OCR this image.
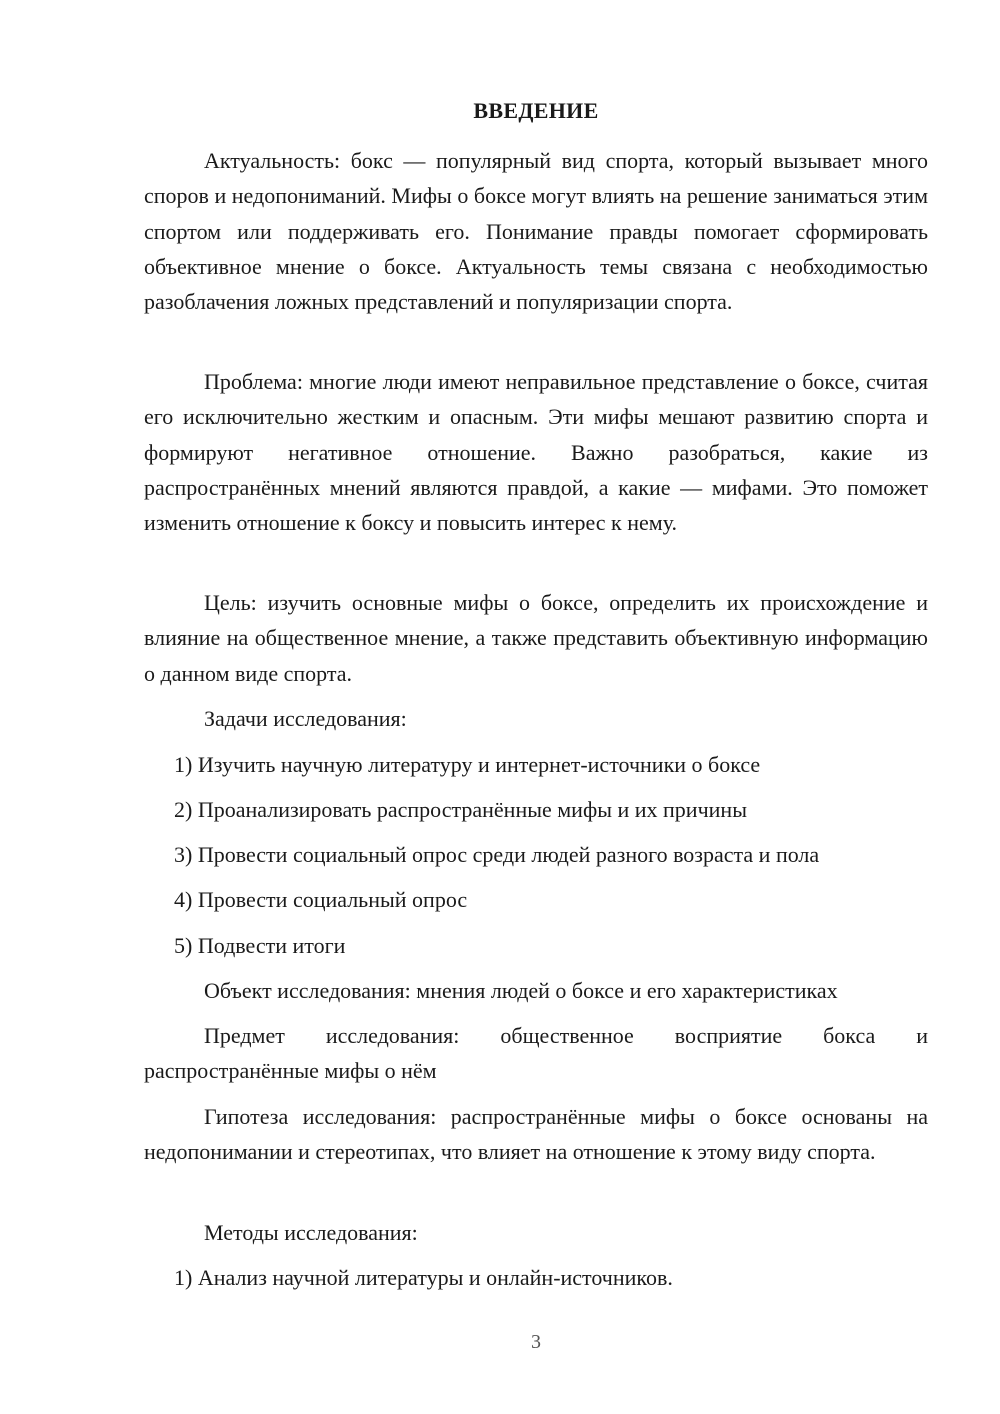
ВВЕДЕНИЕ

Актуальность: бокс — популярный вид спорта, который вызывает много споров и недопониманий. Мифы о боксе могут влиять на решение заниматься этим спортом или поддерживать его. Понимание правды помогает сформировать объективное мнение о боксе. Актуальность темы связана с необходимостью разоблачения ложных представлений и популяризации спорта.

Проблема: многие люди имеют неправильное представление о боксе, считая его исключительно жестким и опасным. Эти мифы мешают развитию спорта и формируют негативное отношение. Важно разобраться, какие из распространённых мнений являются правдой, а какие — мифами. Это поможет изменить отношение к боксу и повысить интерес к нему.

Цель: изучить основные мифы о боксе, определить их происхождение и влияние на общественное мнение, а также представить объективную информацию о данном виде спорта.

Задачи исследования:

1) Изучить научную литературу и интернет-источники о боксе

2) Проанализировать распространённые мифы и их причины

3) Провести социальный опрос среди людей разного возраста и пола

4) Провести социальный опрос

5) Подвести итоги

Объект исследования: мнения людей о боксе и его характеристиках

Предмет исследования: общественное восприятие бокса и распространённые мифы о нём

Гипотеза исследования: распространённые мифы о боксе основаны на недопонимании и стереотипах, что влияет на отношение к этому виду спорта.

Методы исследования:

1) Анализ научной литературы и онлайн-источников.

3
